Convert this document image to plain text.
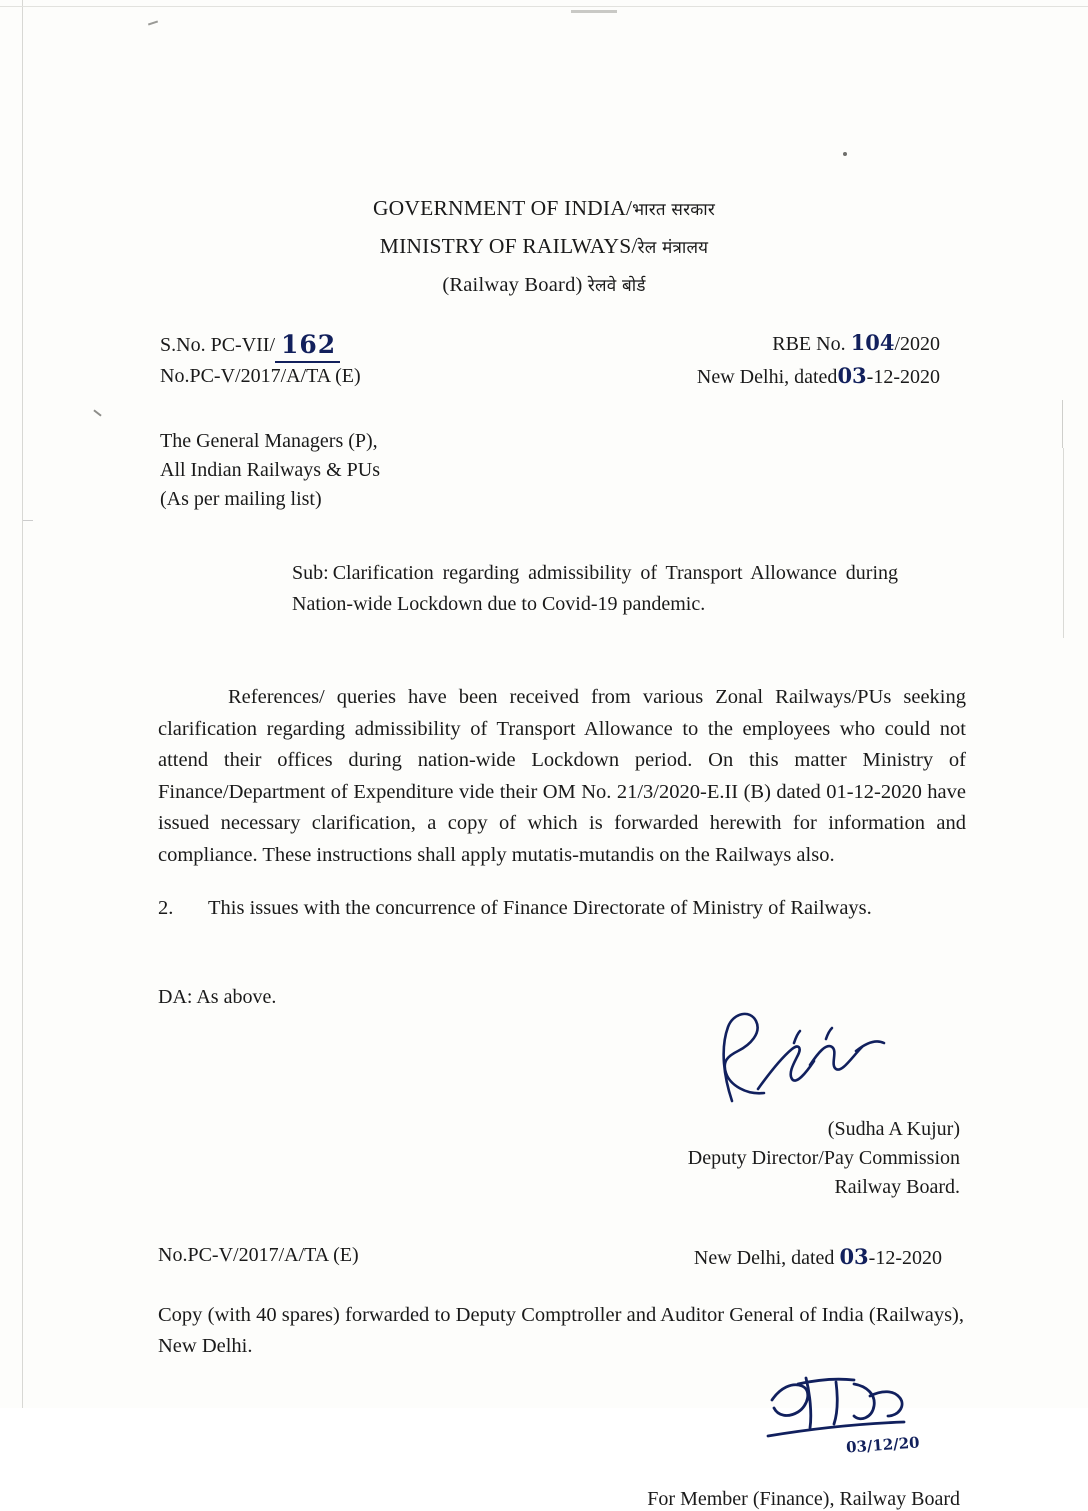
GOVERNMENT OF INDIA/भारत सरकार
MINISTRY OF RAILWAYS/रेल मंत्रालय
(Railway Board) रेलवे बोर्ड
S.No. PC-VII/ 162
No.PC-V/2017/A/TA (E)
RBE No. 104/2020
New Delhi, dated03-12-2020
The General Managers (P),
All Indian Railways & PUs
(As per mailing list)
Sub: Clarification regarding admissibility of Transport Allowance during Nation-wide Lockdown due to Covid-19 pandemic.
References/ queries have been received from various Zonal Railways/PUs seeking clarification regarding admissibility of Transport Allowance to the employees who could not attend their offices during nation-wide Lockdown period. On this matter Ministry of Finance/Department of Expenditure vide their OM No. 21/3/2020-E.II (B) dated 01-12-2020 have issued necessary clarification, a copy of which is forwarded herewith for information and compliance. These instructions shall apply mutatis-mutandis on the Railways also.
2. This issues with the concurrence of Finance Directorate of Ministry of Railways.
DA: As above.
(Sudha A Kujur)
Deputy Director/Pay Commission
Railway Board.
No.PC-V/2017/A/TA (E)	New Delhi, dated 03-12-2020
Copy (with 40 spares) forwarded to Deputy Comptroller and Auditor General of India (Railways), New Delhi.
03/12/20
For Member (Finance), Railway Board
